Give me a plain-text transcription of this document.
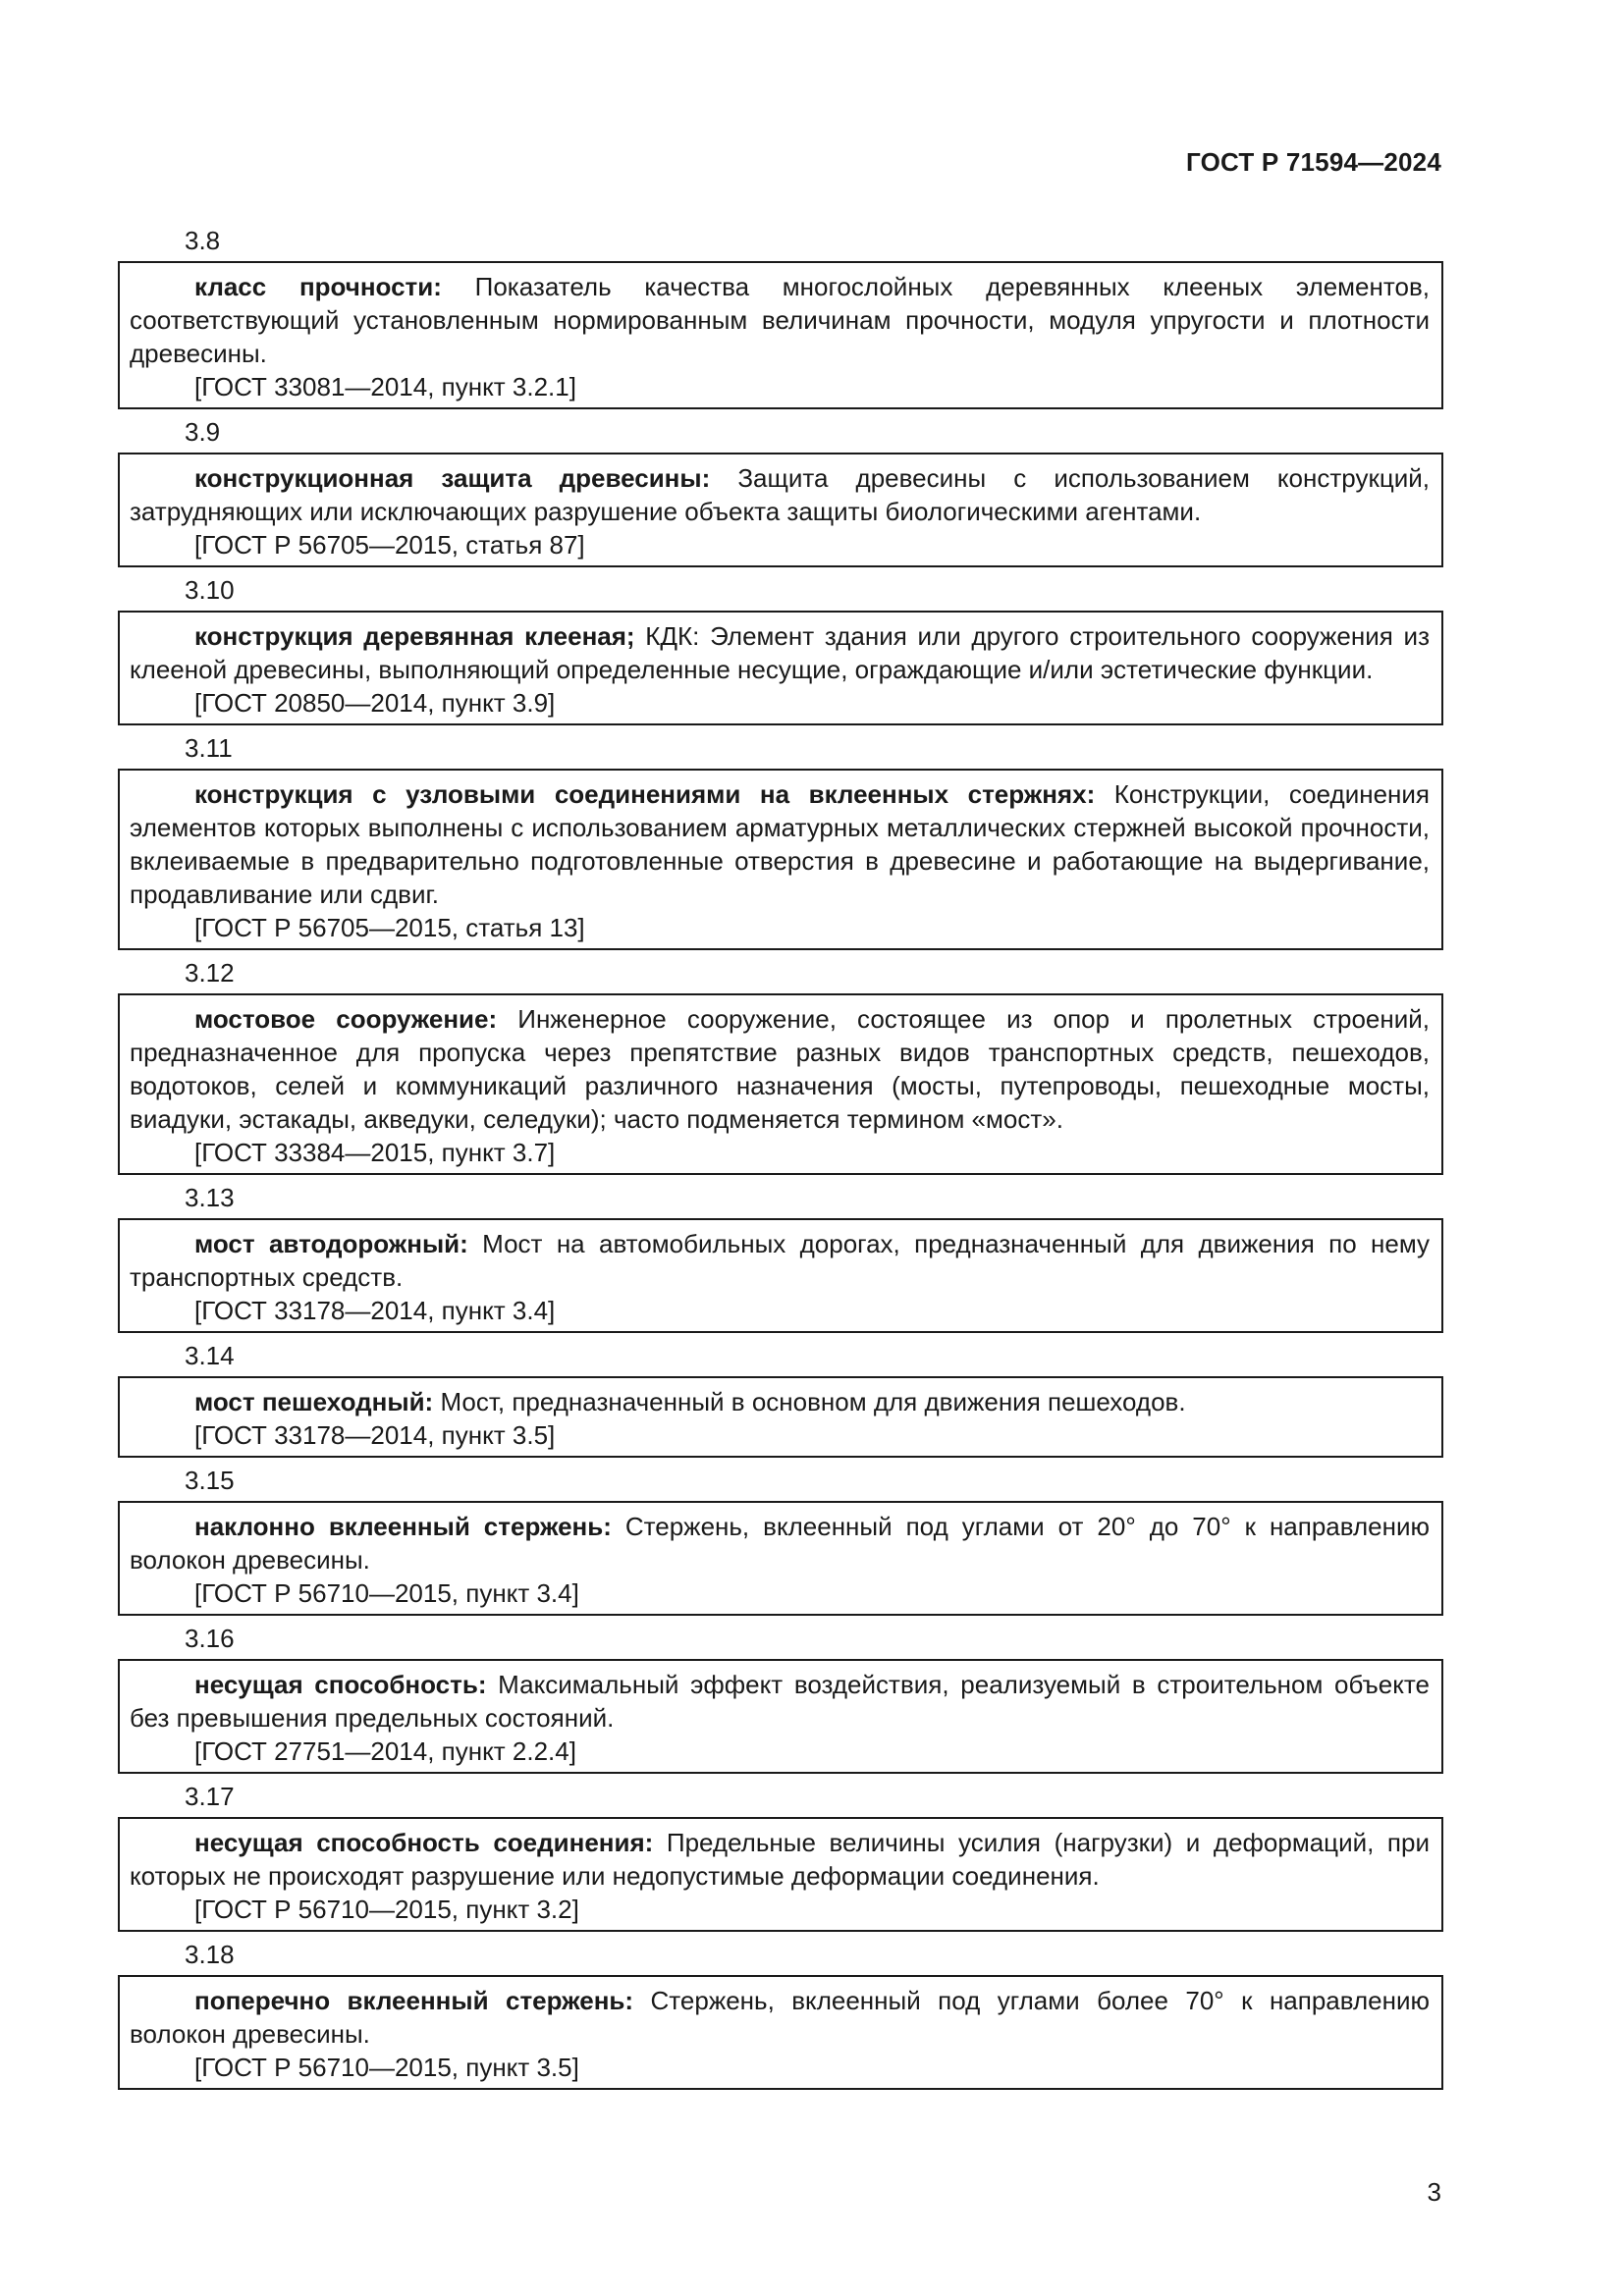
ГОСТ Р 71594—2024
3.8

класс прочности: Показатель качества многослойных деревянных клееных элементов, соответствующий установленным нормированным величинам прочности, модуля упругости и плотности древесины.

[ГОСТ 33081—2014, пункт 3.2.1]

3.9

конструкционная защита древесины: Защита древесины с использованием конструкций, затрудняющих или исключающих разрушение объекта защиты биологическими агентами.

[ГОСТ Р 56705—2015, статья 87]

3.10

конструкция деревянная клееная; КДК: Элемент здания или другого строительного сооружения из клееной древесины, выполняющий определенные несущие, ограждающие и/или эстетические функции.

[ГОСТ 20850—2014, пункт 3.9]

3.11

конструкция с узловыми соединениями на вклеенных стержнях: Конструкции, соединения элементов которых выполнены с использованием арматурных металлических стержней высокой прочности, вклеиваемые в предварительно подготовленные отверстия в древесине и работающие на выдергивание, продавливание или сдвиг.

[ГОСТ Р 56705—2015, статья 13]

3.12

мостовое сооружение: Инженерное сооружение, состоящее из опор и пролетных строений, предназначенное для пропуска через препятствие разных видов транспортных средств, пешеходов, водотоков, селей и коммуникаций различного назначения (мосты, путепроводы, пешеходные мосты, виадуки, эстакады, акведуки, селедуки); часто подменяется термином «мост».

[ГОСТ 33384—2015, пункт 3.7]

3.13

мост автодорожный: Мост на автомобильных дорогах, предназначенный для движения по нему транспортных средств.

[ГОСТ 33178—2014, пункт 3.4]

3.14

мост пешеходный: Мост, предназначенный в основном для движения пешеходов.

[ГОСТ 33178—2014, пункт 3.5]

3.15

наклонно вклеенный стержень: Стержень, вклеенный под углами от 20° до 70° к направлению волокон древесины.

[ГОСТ Р 56710—2015, пункт 3.4]

3.16

несущая способность: Максимальный эффект воздействия, реализуемый в строительном объекте без превышения предельных состояний.

[ГОСТ 27751—2014, пункт 2.2.4]

3.17

несущая способность соединения: Предельные величины усилия (нагрузки) и деформаций, при которых не происходят разрушение или недопустимые деформации соединения.

[ГОСТ Р 56710—2015, пункт 3.2]

3.18

поперечно вклеенный стержень: Стержень, вклеенный под углами более 70° к направлению волокон древесины.

[ГОСТ Р 56710—2015, пункт 3.5]

3
